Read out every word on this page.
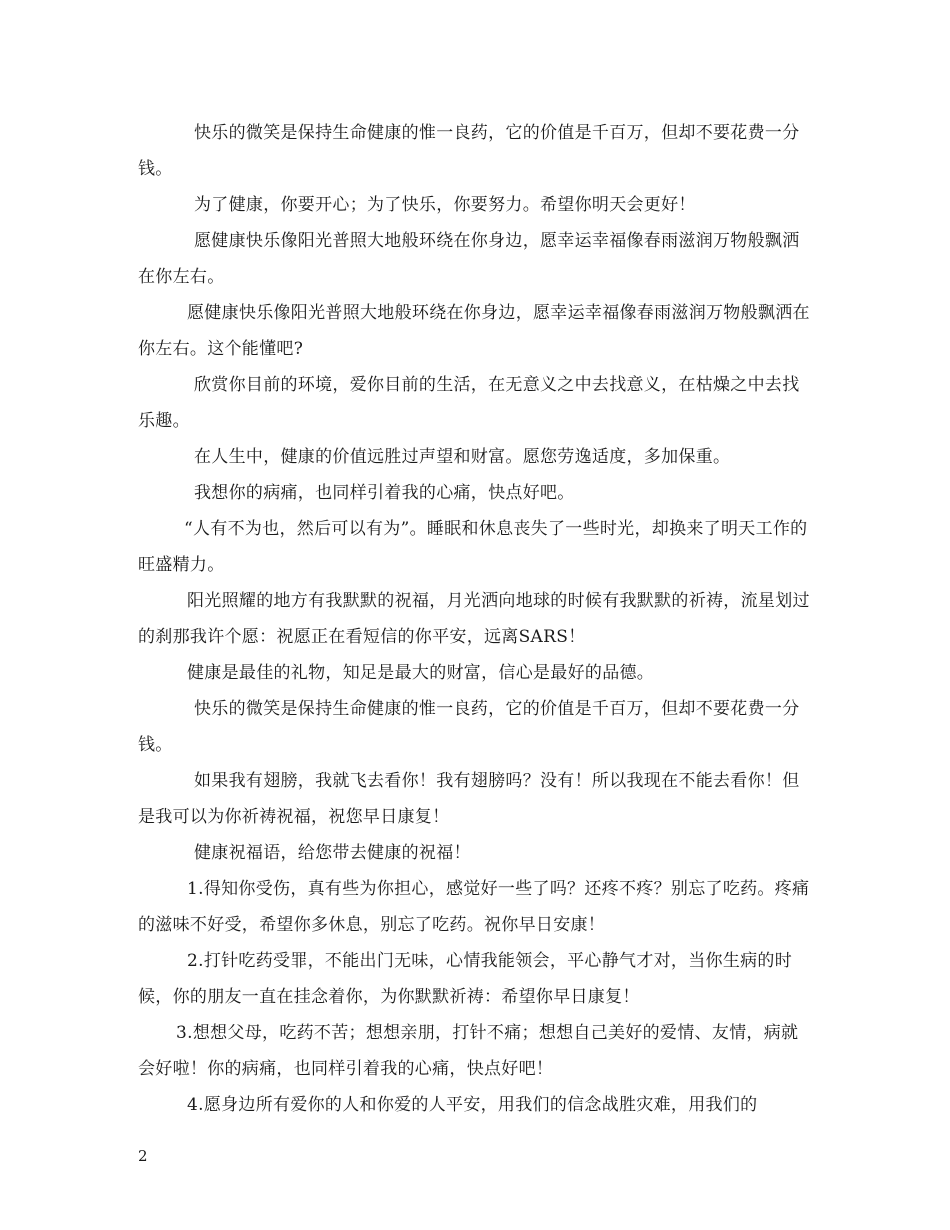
快乐的微笑是保持生命健康的惟一良药，它的价值是千百万，但却不要花费一分钱。

为了健康，你要开心；为了快乐，你要努力。希望你明天会更好！

愿健康快乐像阳光普照大地般环绕在你身边，愿幸运幸福像春雨滋润万物般飘洒在你左右。

愿健康快乐像阳光普照大地般环绕在你身边，愿幸运幸福像春雨滋润万物般飘洒在你左右。这个能懂吧?

欣赏你目前的环境，爱你目前的生活，在无意义之中去找意义，在枯燥之中去找乐趣。

在人生中，健康的价值远胜过声望和财富。愿您劳逸适度，多加保重。

我想你的病痛，也同样引着我的心痛，快点好吧。

“人有不为也，然后可以有为”。睡眠和休息丧失了一些时光，却换来了明天工作的旺盛精力。

阳光照耀的地方有我默默的祝福，月光洒向地球的时候有我默默的祈祷，流星划过的刹那我许个愿：祝愿正在看短信的你平安，远离SARS！

健康是最佳的礼物，知足是最大的财富，信心是最好的品德。

快乐的微笑是保持生命健康的惟一良药，它的价值是千百万，但却不要花费一分钱。

如果我有翅膀，我就飞去看你！我有翅膀吗？没有！所以我现在不能去看你！但是我可以为你祈祷祝福，祝您早日康复！

健康祝福语，给您带去健康的祝福！

1.得知你受伤，真有些为你担心，感觉好一些了吗？还疼不疼？别忘了吃药。疼痛的滋味不好受，希望你多休息，别忘了吃药。祝你早日安康！

2.打针吃药受罪，不能出门无味，心情我能领会，平心静气才对，当你生病的时候，你的朋友一直在挂念着你，为你默默祈祷：希望你早日康复！

3.想想父母，吃药不苦；想想亲朋，打针不痛；想想自己美好的爱情、友情，病就会好啦！你的病痛，也同样引着我的心痛，快点好吧！

4.愿身边所有爱你的人和你爱的人平安，用我们的信念战胜灾难，用我们的

2
